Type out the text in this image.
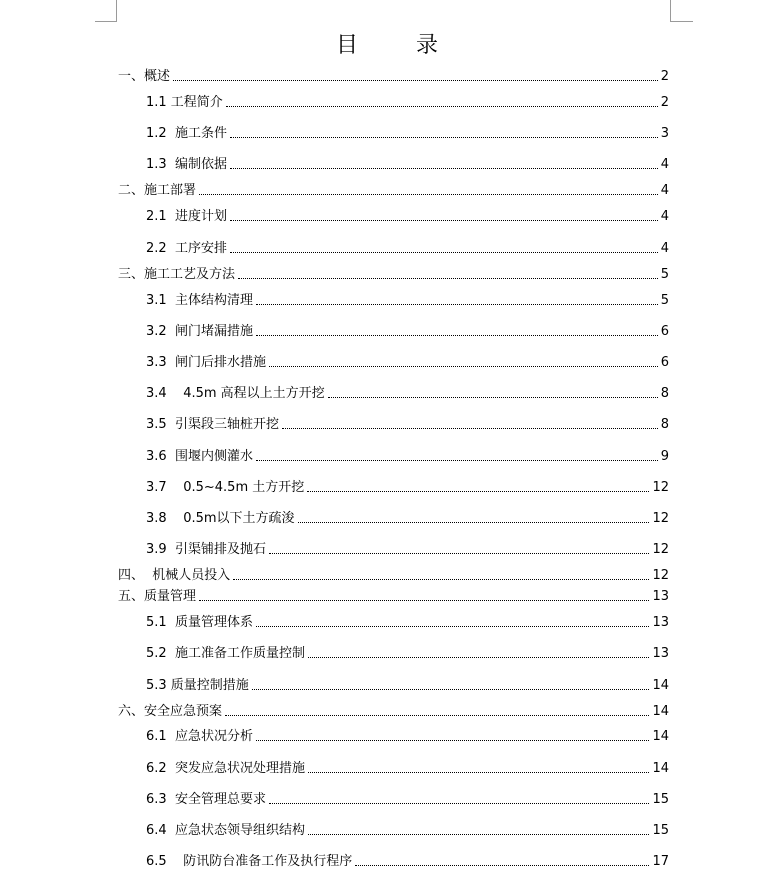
目	录
一、概述	2
1.1 工程简介	2
1.2  施工条件	3
1.3  编制依据	4
二、施工部署	4
2.1  进度计划	4
2.2  工序安排	4
三、施工工艺及方法	5
3.1  主体结构清理	5
3.2  闸门堵漏措施	6
3.3  闸门后排水措施	6
3.4    4.5m 高程以上土方开挖	8
3.5  引渠段三轴桩开挖	8
3.6  围堰内侧灌水	9
3.7    0.5~4.5m 土方开挖	12
3.8    0.5m以下土方疏浚	12
3.9  引渠铺排及抛石	12
四、  机械人员投入	12
五、质量管理	13
5.1  质量管理体系	13
5.2  施工准备工作质量控制	13
5.3 质量控制措施	14
六、安全应急预案	14
6.1  应急状况分析	14
6.2  突发应急状况处理措施	14
6.3  安全管理总要求	15
6.4  应急状态领导组织结构	15
6.5    防讯防台准备工作及执行程序	17
